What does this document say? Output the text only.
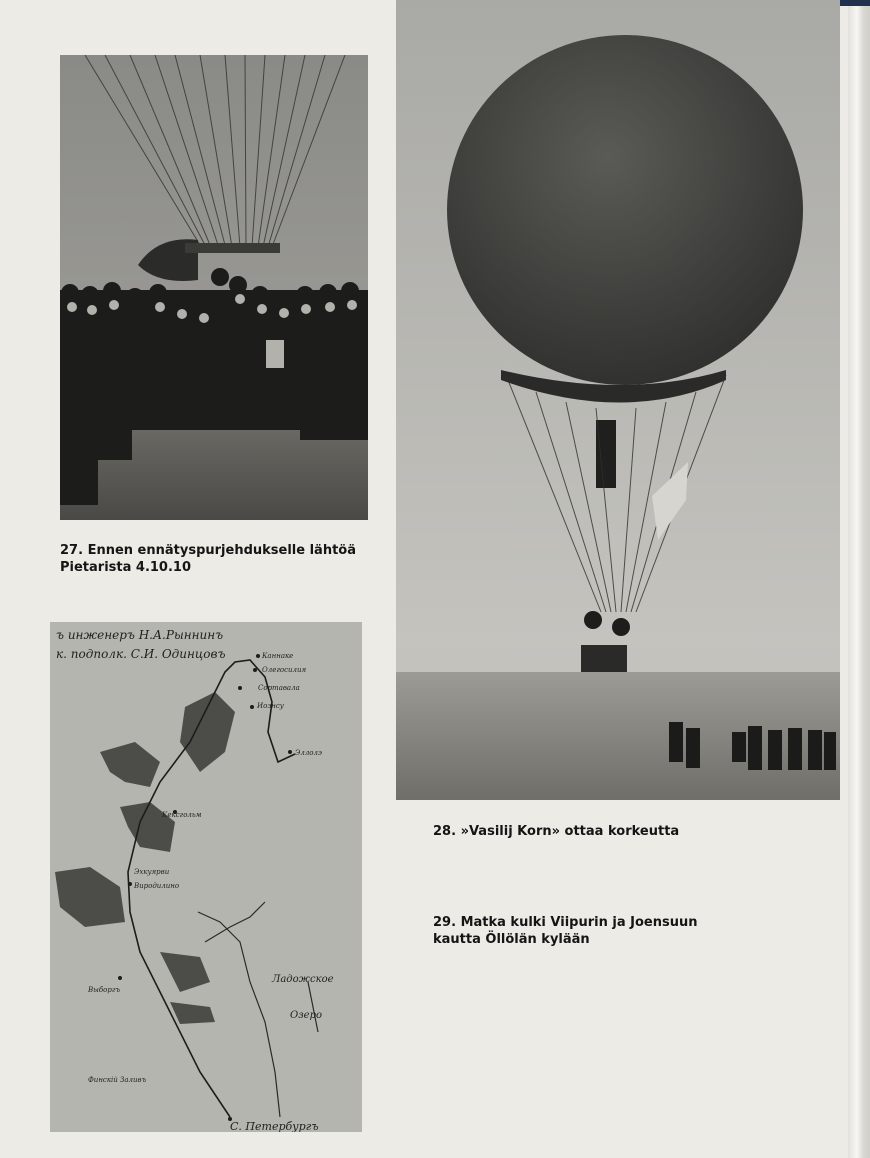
27. Ennen ennätyspurjehdukselle lähtöä
Pietarista 4.10.10

28. »Vasilij Korn» ottaa korkeutta

29. Matka kulki Viipurin ja Joensuun
kautta Öllölän kylään

ъ инженеръ Н.А.Рыннинъ
к. подполк. С.И. Одинцовъ	Каннаке
Олегосилия
Сортавала
Иоэнсу
Эллолэ
Кексгольм
Эхкуярви
Виродилино
Выборгъ
Ладожское
Озеро
Финскій Заливъ
С. Петербургъ
